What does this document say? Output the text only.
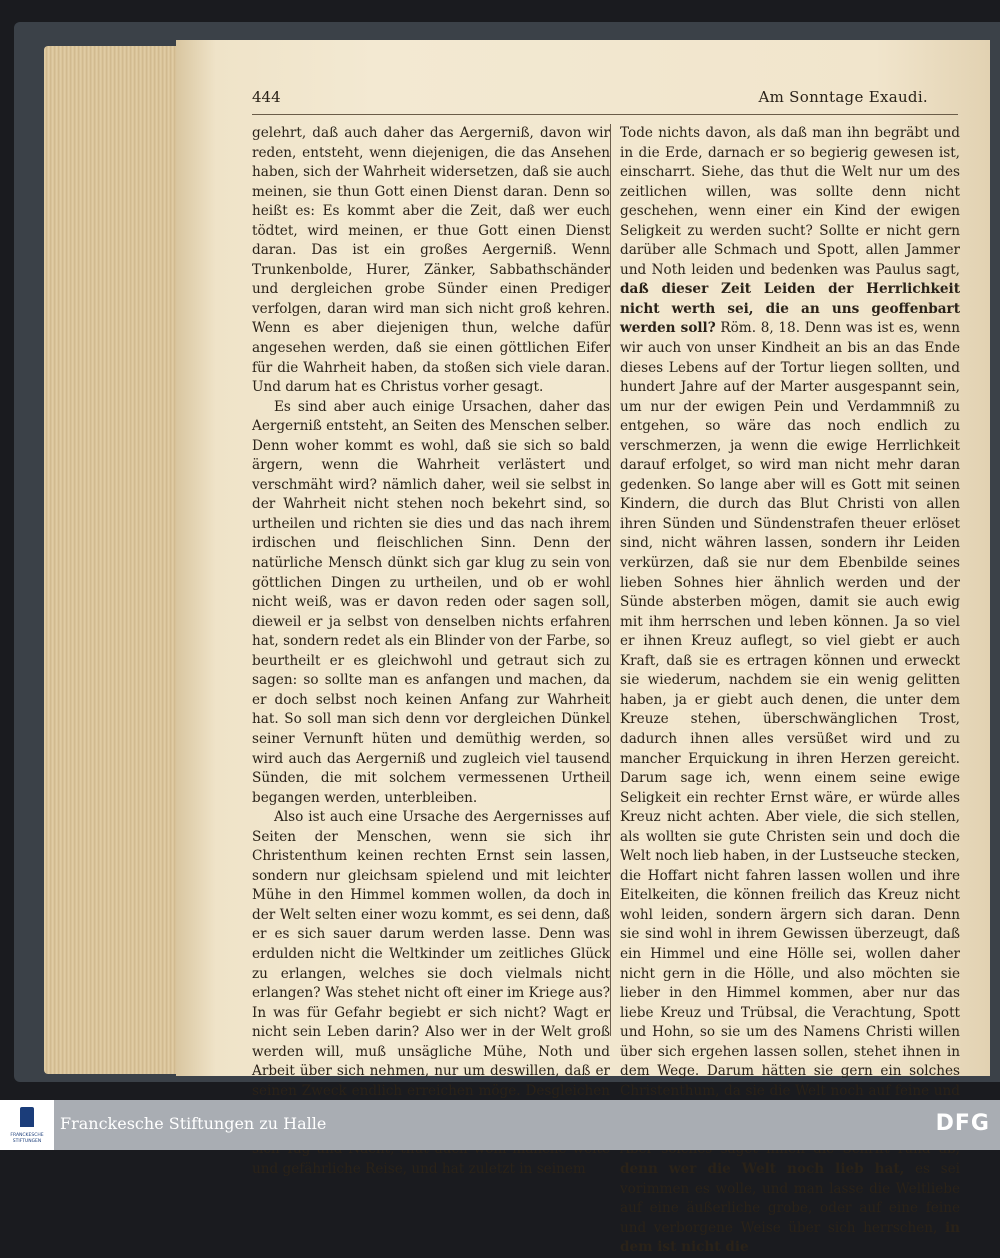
444	Am Sonntage Exaudi.

gelehrt, daß auch daher das Aergerniß, davon wir reden, entsteht, wenn diejenigen, die das Ansehen haben, sich der Wahrheit widersetzen, daß sie auch meinen, sie thun Gott einen Dienst daran. Denn so heißt es: Es kommt aber die Zeit, daß wer euch tödtet, wird meinen, er thue Gott einen Dienst daran. Das ist ein großes Aergerniß. Wenn Trunkenbolde, Hurer, Zänker, Sabbathschänder und dergleichen grobe Sünder einen Prediger verfolgen, daran wird man sich nicht groß kehren. Wenn es aber diejenigen thun, welche dafür angesehen werden, daß sie einen göttlichen Eifer für die Wahrheit haben, da stoßen sich viele daran. Und darum hat es Christus vorher gesagt.

Es sind aber auch einige Ursachen, daher das Aergerniß entsteht, an Seiten des Menschen selber. Denn woher kommt es wohl, daß sie sich so bald ärgern, wenn die Wahrheit verlästert und verschmäht wird? nämlich daher, weil sie selbst in der Wahrheit nicht stehen noch bekehrt sind, so urtheilen und richten sie dies und das nach ihrem irdischen und fleischlichen Sinn. Denn der natürliche Mensch dünkt sich gar klug zu sein von göttlichen Dingen zu urtheilen, und ob er wohl nicht weiß, was er davon reden oder sagen soll, dieweil er ja selbst von denselben nichts erfahren hat, sondern redet als ein Blinder von der Farbe, so beurtheilt er es gleichwohl und getraut sich zu sagen: so sollte man es anfangen und machen, da er doch selbst noch keinen Anfang zur Wahrheit hat. So soll man sich denn vor dergleichen Dünkel seiner Vernunft hüten und demüthig werden, so wird auch das Aergerniß und zugleich viel tausend Sünden, die mit solchem vermessenen Urtheil begangen werden, unterbleiben.

Also ist auch eine Ursache des Aergernisses auf Seiten der Menschen, wenn sie sich ihr Christenthum keinen rechten Ernst sein lassen, sondern nur gleichsam spielend und mit leichter Mühe in den Himmel kommen wollen, da doch in der Welt selten einer wozu kommt, es sei denn, daß er es sich sauer darum werden lasse. Denn was erdulden nicht die Weltkinder um zeitliches Glück zu erlangen, welches sie doch vielmals nicht erlangen? Was stehet nicht oft einer im Kriege aus? In was für Gefahr begiebt er sich nicht? Wagt er nicht sein Leben darin? Also wer in der Welt groß werden will, muß unsägliche Mühe, Noth und Arbeit über sich nehmen, nur um deswillen, daß er seinen Zweck endlich erreichen möge. Desgleichen und gefährliche Reise, und hat zuletzt in seinem

Tode nichts davon, als daß man ihn begräbt und in die Erde, darnach er so begierig gewesen ist, einscharrt. Siehe, das thut die Welt nur um des zeitlichen willen, was sollte denn nicht geschehen, wenn einer ein Kind der ewigen Seligkeit zu werden sucht? Sollte er nicht gern darüber alle Schmach und Spott, allen Jammer und Noth leiden und bedenken was Paulus sagt, daß dieser Zeit Leiden der Herrlichkeit nicht werth sei, die an uns geoffenbart werden soll? Röm. 8, 18. Denn was ist es, wenn wir auch von unser Kindheit an bis an das Ende dieses Lebens auf der Tortur liegen sollten, und hundert Jahre auf der Marter ausgespannt sein, um nur der ewigen Pein und Verdammniß zu entgehen, so wäre das noch endlich zu verschmerzen, ja wenn die ewige Herrlichkeit darauf erfolget, so wird man nicht mehr daran gedenken. So lange aber will es Gott mit seinen Kindern, die durch das Blut Christi von allen ihren Sünden und Sündenstrafen theuer erlöset sind, nicht währen lassen, sondern ihr Leiden verkürzen, daß sie nur dem Ebenbilde seines lieben Sohnes hier ähnlich werden und der Sünde absterben mögen, damit sie auch ewig mit ihm herrschen und leben können. Ja so viel er ihnen Kreuz auflegt, so viel giebt er auch Kraft, daß sie es ertragen können und erweckt sie wiederum, nachdem sie ein wenig gelitten haben, ja er giebt auch denen, die unter dem Kreuze stehen, überschwänglichen Trost, dadurch ihnen alles versüßet wird und zu mancher Erquickung in ihren Herzen gereicht. Darum sage ich, wenn einem seine ewige Seligkeit ein rechter Ernst wäre, er würde alles Kreuz nicht achten. Aber viele, die sich stellen, als wollten sie gute Christen sein und doch die Welt noch lieb haben, in der Lustseuche stecken, die Hoffart nicht fahren lassen wollen und ihre Eitelkeiten, die können freilich das Kreuz nicht wohl leiden, sondern ärgern sich daran. Denn sie sind wohl in ihrem Gewissen überzeugt, daß ein Himmel und eine Hölle sei, wollen daher nicht gern in die Hölle, und also möchten sie lieber in den Himmel kommen, aber nur das liebe Kreuz und Trübsal, die Verachtung, Spott und Hohn, so sie um des Namens Christi willen über sich ergehen lassen sollen, stehet ihnen in dem Wege. Darum hätten sie gern ein solches Christenthum, da sie die Welt noch auf feine und denn wer die Welt noch lieb hat, es sei vorimmen es wolle, und man lasse die Weltliebe auf eine äußerliche grobe, oder auf eine feine und verborgene Weise über sich herrschen, in dem ist nicht die

FRANCKESCHE STIFTUNGEN
Franckesche Stiftungen zu Halle	DFG
